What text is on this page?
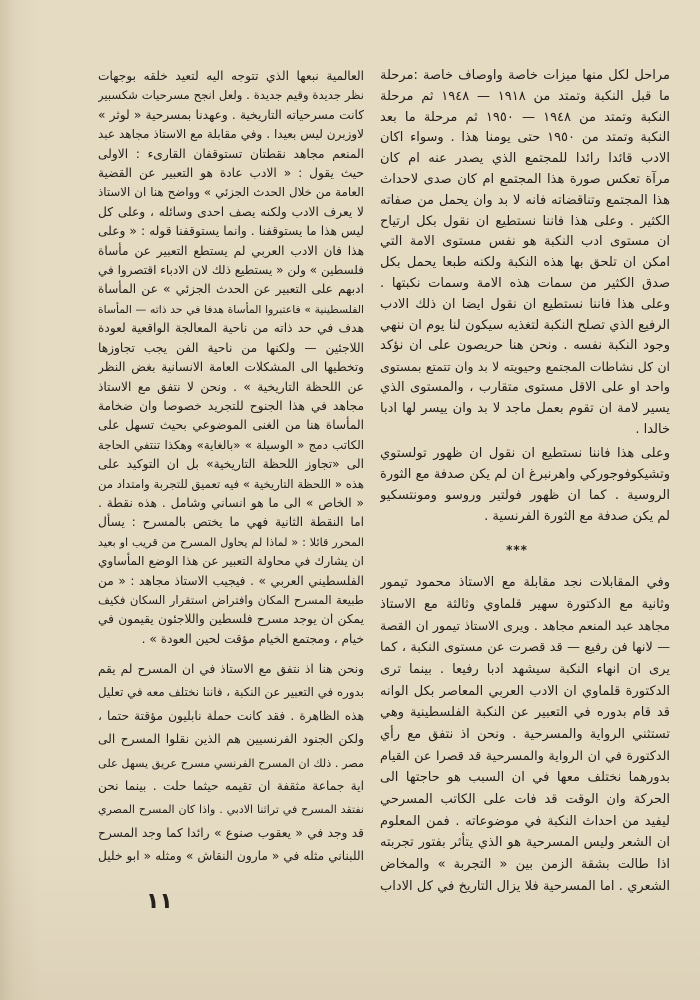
مراحل لكل منها ميزات خاصة واوصاف خاصة :مرحلة
ما قبل النكبة وتمتد من ١٩١٨ — ١٩٤٨ ثم مرحلة
النكبة وتمتد من ١٩٤٨ — ١٩٥٠ ثم مرحلة ما بعد
النكبة وتمتد من ١٩٥٠ حتى يومنا هذا . وسواء اكان
الادب قائدا رائدا للمجتمع الذي يصدر عنه ام كان
مرآة تعكس صورة هذا المجتمع ام كان صدى لاحداث
هذا المجتمع وتناقضاته فانه لا بد وان يحمل من صفاته
الكثير . وعلى هذا فاننا نستطيع ان نقول بكل ارتياح
ان مستوى ادب النكبة هو نفس مستوى الامة التي
امكن ان تلحق بها هذه النكبة ولكنه طبعا يحمل بكل
صدق الكثير من سمات هذه الامة وسمات نكبتها .
وعلى هذا فاننا نستطيع ان نقول ايضا ان ذلك الادب
الرفيع الذي تصلح النكبة لتغذيه سيكون لنا يوم ان ننهي
وجود النكبة نفسه . ونحن هنا حريصون على ان نؤكد
ان كل نشاطات المجتمع وحيويته لا بد وان تتمتع بمستوى
واحد او على الاقل مستوى متقارب ، والمستوى الذي
يسير لامة ان تقوم بعمل ماجد لا بد وان ييسر لها ادبا
خالدا .
وعلى هذا فاننا نستطيع ان نقول ان ظهور تولستوي
وتشيكوفوجوركي واهرنبرغ ان لم يكن صدفة مع الثورة
الروسية . كما ان ظهور فولتير وروسو ومونتسكيو
لم يكن صدفة مع الثورة الفرنسية .
***
وفي المقابلات نجد مقابلة مع الاستاذ محمود تيمور
وثانية مع الدكتورة سهير قلماوي وثالثة مع الاستاذ
مجاهد عبد المنعم مجاهد . ويرى الاستاذ تيمور ان القصة
— لانها فن رفيع — قد قصرت عن مستوى النكبة ، كما
يرى ان انهاء النكبة سيشهد ادبا رفيعا . بينما ترى
الدكتورة قلماوي ان الادب العربي المعاصر بكل الوانه
قد قام بدوره في التعبير عن النكبة الفلسطينية وهي
تستثني الرواية والمسرحية . ونحن اذ نتفق مع رأي
الدكتورة في ان الرواية والمسرحية قد قصرا عن القيام
بدورهما نختلف معها في ان السبب هو حاجتها الى
الحركة وان الوقت قد فات على الكاتب المسرحي
ليفيد من احداث النكبة في موضوعاته . فمن المعلوم
ان الشعر وليس المسرحية هو الذي يتأثر بفتور تجربته
اذا طالت بشقة الزمن بين « التجربة » والمخاض
الشعري . اما المسرحية فلا يزال التاريخ في كل الاداب
العالمية نبعها الذي تتوجه اليه لتعيد خلقه بوجهات
نظر جديدة وقيم جديدة . ولعل انجح مسرحيات شكسبير
كانت مسرحياته التاريخية . وعهدنا بمسرحية « لوثر »
لاوزبرن ليس بعيدا . وفي مقابلة مع الاستاذ مجاهد عبد
المنعم مجاهد نقطتان تستوقفان القارىء : الاولى
حيث يقول : « الادب عادة هو التعبير عن القضية
العامة من خلال الحدث الجزئي » وواضح هنا ان الاستاذ
لا يعرف الادب ولكنه يصف احدى وسائله ، وعلى كل
ليس هذا ما يستوقفنا . وانما يستوقفنا قوله : « وعلى
هذا فان الادب العربي لم يستطع التعبير عن مأساة
فلسطين » ولن « يستطيع ذلك لان الادباء اقتصروا في
ادبهم على التعبير عن الحدث الجزئي » عن المأساة
الفلسطينية » فاعتبروا المأساة هدفا في حد ذاته — المأساة
هدف في حد ذاته من ناحية المعالجة الواقعية لعودة
اللاجئين — ولكنها من ناحية الفن يجب تجاوزها
وتخطيها الى المشكلات العامة الانسانية بغض النظر
عن اللحظة التاريخية » . ونحن لا نتفق مع الاستاذ
مجاهد في هذا الجنوح للتجريد خصوصا وان ضخامة
المأساة هنا من الغنى الموضوعي بحيث تسهل على
الكاتب دمج « الوسيلة » «بالغاية» وهكذا تنتفي الحاجة
الى «تجاوز اللحظة التاريخية» بل ان التوكيد على
هذه « اللحظة التاريخية » فيه تعميق للتجربة وامتداد من
« الخاص » الى ما هو انساني وشامل . هذه نقطة .
اما النقطة الثانية فهي ما يختص بالمسرح : يسأل
المحرر قائلا : « لماذا لم يحاول المسرح من قريب او بعيد
ان يشارك في محاولة التعبير عن هذا الوضع المأساوي
الفلسطيني العربي » . فيجيب الاستاذ مجاهد : « من
طبيعة المسرح المكان وافتراض استقرار السكان فكيف
يمكن ان يوجد مسرح فلسطين واللاجئون يقيمون في
خيام ، ومجتمع الخيام مؤقت لحين العودة » .
ونحن هنا اذ نتفق مع الاستاذ في ان المسرح لم يقم
بدوره في التعبير عن النكبة ، فاننا نختلف معه في تعليل
هذه الظاهرة . فقد كانت حملة نابليون مؤقتة حتما ،
ولكن الجنود الفرنسيين هم الذين نقلوا المسرح الى
مصر . ذلك ان المسرح الفرنسي مسرح عريق يسهل على
اية جماعة مثقفة ان تقيمه حيثما حلت . بينما نحن
نفتقد المسرح في تراثنا الادبي . واذا كان المسرح المصري
قد وجد في « يعقوب صنوع » رائدا كما وجد المسرح
اللبناني مثله في « مارون النقاش » ومثله « ابو خليل
١١
